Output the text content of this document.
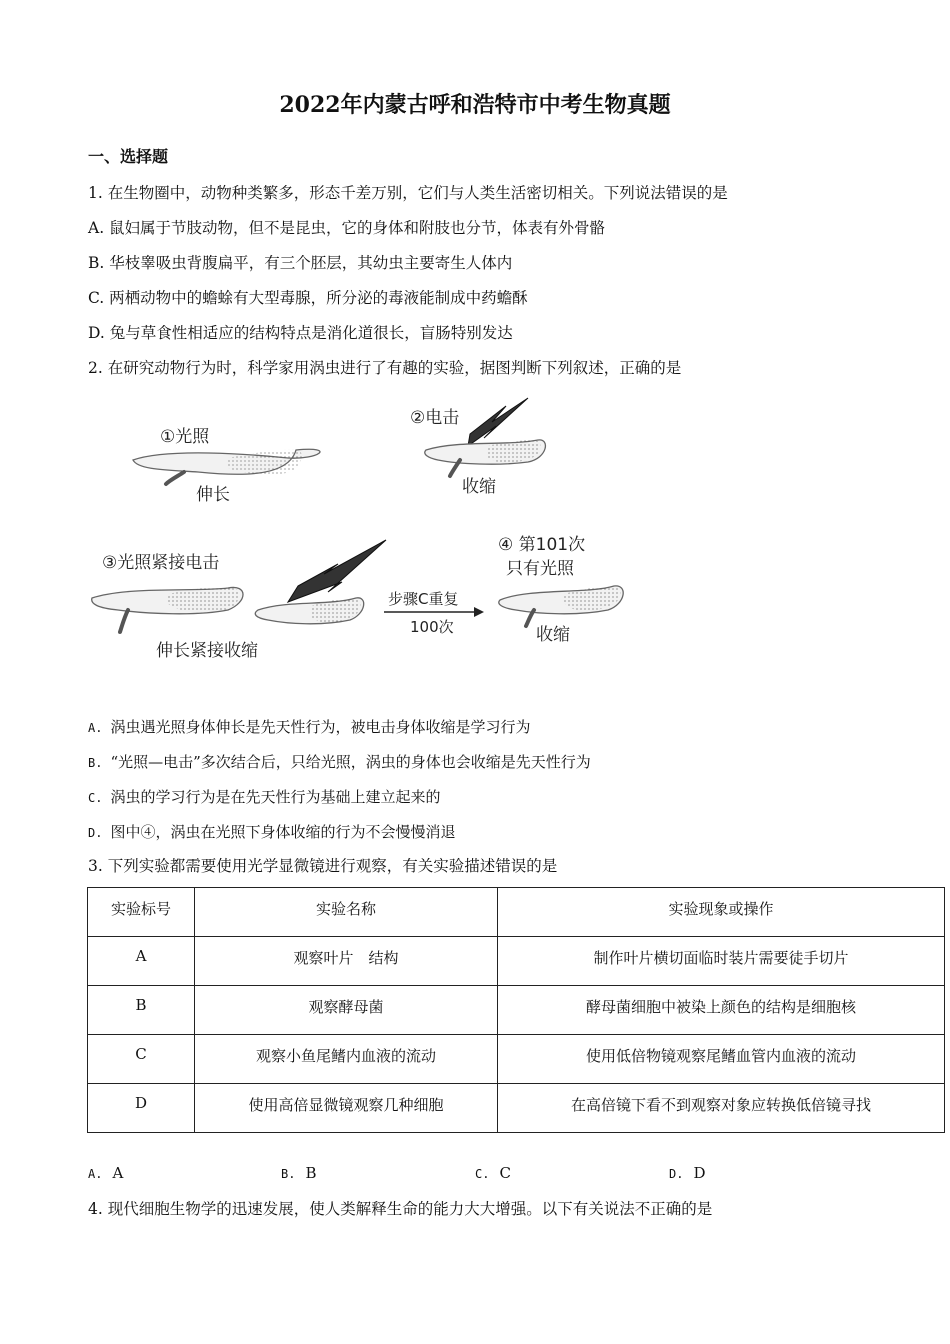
2022年内蒙古呼和浩特市中考生物真题
一、选择题
1. 在生物圈中，动物种类繁多，形态千差万别，它们与人类生活密切相关。下列说法错误的是
A. 鼠妇属于节肢动物，但不是昆虫，它的身体和附肢也分节，体表有外骨骼
B. 华枝睾吸虫背腹扁平，有三个胚层，其幼虫主要寄生人体内
C. 两栖动物中的蟾蜍有大型毒腺，所分泌的毒液能制成中药蟾酥
D. 兔与草食性相适应的结构特点是消化道很长，盲肠特别发达
2. 在研究动物行为时，科学家用涡虫进行了有趣的实验，据图判断下列叙述，正确的是
①光照
伸长
②电击
收缩
③光照紧接电击
伸长紧接收缩
步骤C重复
100次
④ 第101次
只有光照
收缩
A. 涡虫遇光照身体伸长是先天性行为，被电击身体收缩是学习行为
B. “光照—电击”多次结合后，只给光照，涡虫的身体也会收缩是先天性行为
C. 涡虫的学习行为是在先天性行为基础上建立起来的
D. 图中④，涡虫在光照下身体收缩的行为不会慢慢消退
3. 下列实验都需要使用光学显微镜进行观察，有关实验描述错误的是
实验标号	实验名称	实验现象或操作
A	观察叶片　结构	制作叶片横切面临时装片需要徒手切片
B	观察酵母菌	酵母菌细胞中被染上颜色的结构是细胞核
C	观察小鱼尾鳍内血液的流动	使用低倍物镜观察尾鳍血管内血液的流动
D	使用高倍显微镜观察几种细胞	在高倍镜下看不到观察对象应转换低倍镜寻找
A. A	B. B	C. C	D. D
4. 现代细胞生物学的迅速发展，使人类解释生命的能力大大增强。以下有关说法不正确的是
